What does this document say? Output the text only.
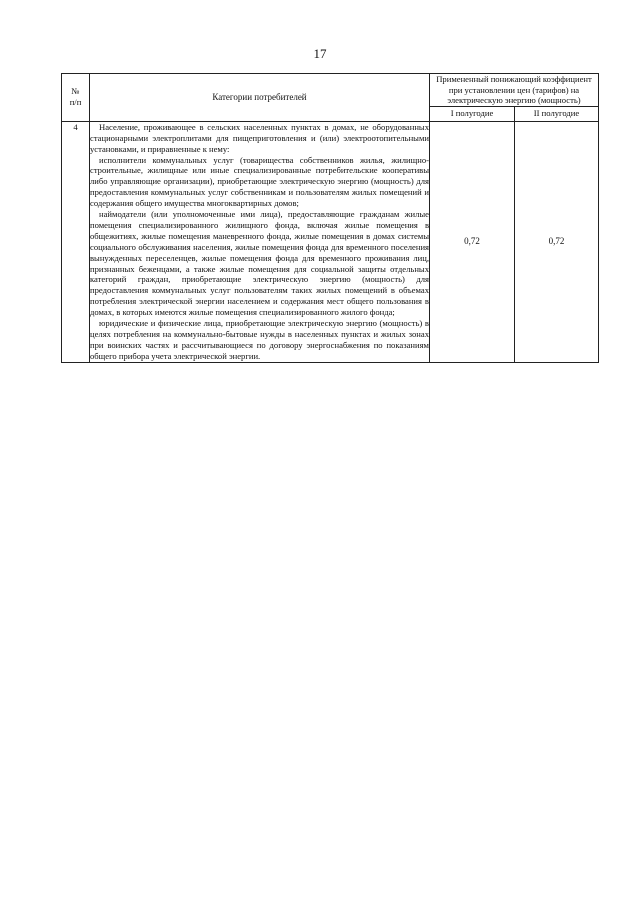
17
№
п/п	Категории потребителей	Примененный понижающий коэффициент при установлении цен (тарифов) на электрическую энергию (мощность)	
		I полугодие	II полугодие
4	Население, проживающее в сельских населенных пунктах в домах, не оборудованных стационарными электроплитами для пищеприготовления и (или) электроотопительными установками, и приравненные к нему:

исполнители коммунальных услуг (товарищества собственников жилья, жилищно-строительные, жилищные или иные специализированные потребительские кооперативы либо управляющие организации), приобретающие электрическую энергию (мощность) для предоставления коммунальных услуг собственникам и пользователям жилых помещений и содержания общего имущества многоквартирных домов;

наймодатели (или уполномоченные ими лица), предоставляющие гражданам жилые помещения специализированного жилищного фонда, включая жилые помещения в общежитиях, жилые помещения маневренного фонда, жилые помещения в домах системы социального обслуживания населения, жилые помещения фонда для временного поселения вынужденных переселенцев, жилые помещения фонда для временного проживания лиц, признанных беженцами, а также жилые помещения для социальной защиты отдельных категорий граждан, приобретающие электрическую энергию (мощность) для предоставления коммунальных услуг пользователям таких жилых помещений в объемах потребления электрической энергии населением и содержания мест общего пользования в домах, в которых имеются жилые помещения специализированного жилого фонда;

юридические и физические лица, приобретающие электрическую энергию (мощность) в целях потребления на коммунально-бытовые нужды в населенных пунктах и жилых зонах при воинских частях и рассчитывающиеся по договору энергоснабжения по показаниям общего прибора учета электрической энергии.	0,72	0,72
